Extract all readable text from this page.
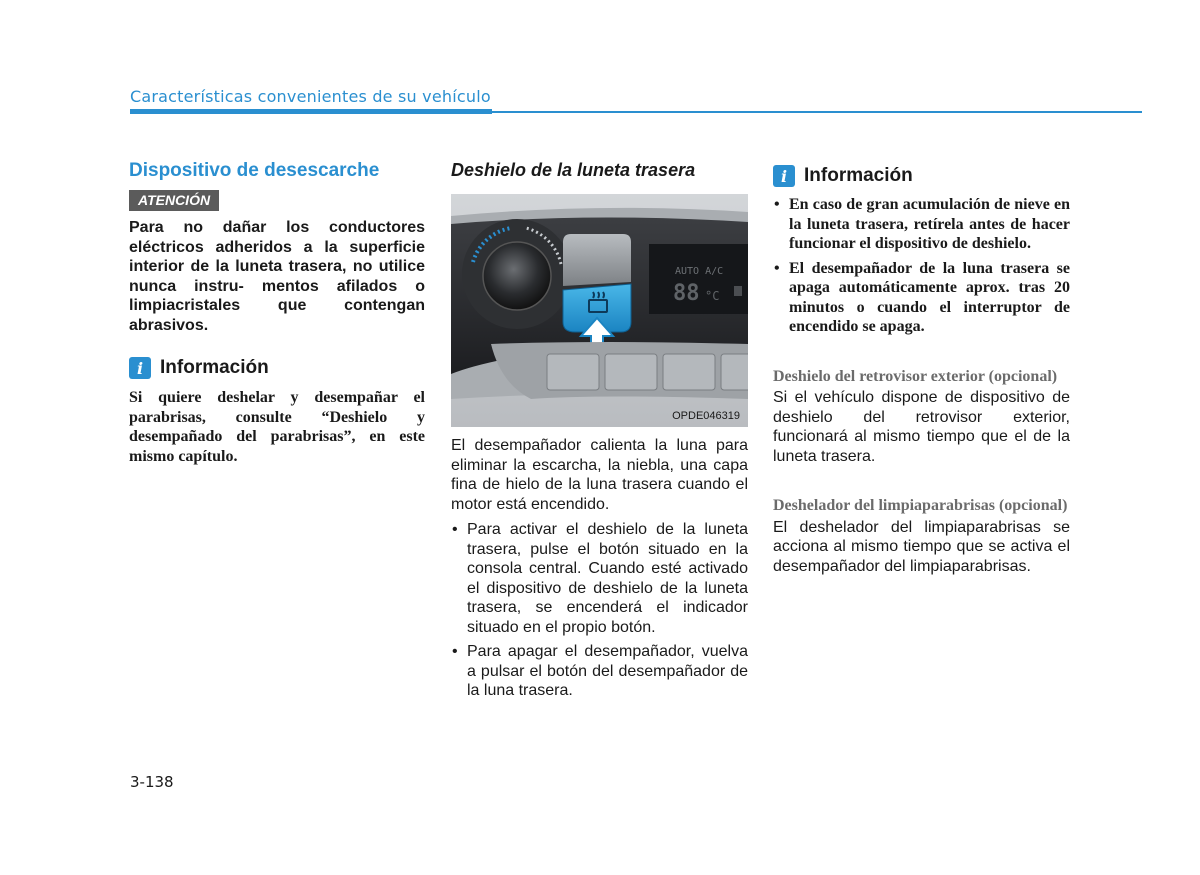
Características convenientes de su vehículo
Dispositivo de desescarche
ATENCIÓN
Para no dañar los conductores eléctricos adheridos a la superficie interior de la luneta trasera, no utilice nunca instru- mentos afilados o limpiacristales que contengan abrasivos.
i Información
Si quiere deshelar y desempañar el parabrisas, consulte “Deshielo y desempañado del parabrisas”, en este mismo capítulo.
Deshielo de la luneta trasera
AUTO A/C
88 °C
OPDE046319
El desempañador calienta la luna para eliminar la escarcha, la niebla, una capa fina de hielo de la luna trasera cuando el motor está encendido.
• Para activar el deshielo de la luneta trasera, pulse el botón situado en la consola central. Cuando esté activado el dispositivo de deshielo de la luneta trasera, se encenderá el indicador situado en el propio botón.
• Para apagar el desempañador, vuelva a pulsar el botón del desempañador de la luna trasera.
i Información
• En caso de gran acumulación de nieve en la luneta trasera, retírela antes de hacer funcionar el dispositivo de deshielo.
• El desempañador de la luna trasera se apaga automáticamente aprox. tras 20 minutos o cuando el interruptor de encendido se apaga.
Deshielo del retrovisor exterior (opcional)
Si el vehículo dispone de dispositivo de deshielo del retrovisor exterior, funcionará al mismo tiempo que el de la luneta trasera.
Deshelador del limpiaparabrisas (opcional)
El deshelador del limpiaparabrisas se acciona al mismo tiempo que se activa el desempañador del limpiaparabrisas.
3-138
